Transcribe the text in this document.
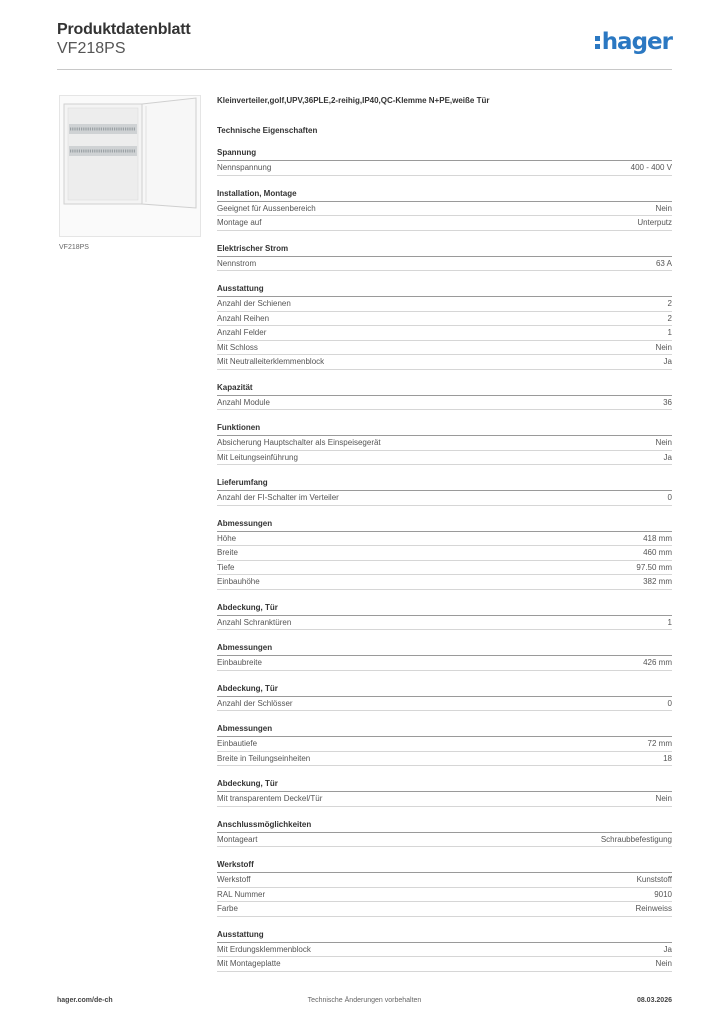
Produktdatenblatt
VF218PS	hager
VF218PS
Kleinverteiler,golf,UPV,36PLE,2-reihig,IP40,QC-Klemme N+PE,weiße Tür
Technische Eigenschaften
Spannung
Nennspannung	400 - 400 V
Installation, Montage
Geeignet für Aussenbereich	Nein
Montage auf	Unterputz
Elektrischer Strom
Nennstrom	63 A
Ausstattung
Anzahl der Schienen	2
Anzahl Reihen	2
Anzahl Felder	1
Mit Schloss	Nein
Mit Neutralleiterklemmenblock	Ja
Kapazität
Anzahl Module	36
Funktionen
Absicherung Hauptschalter als Einspeisegerät	Nein
Mit Leitungseinführung	Ja
Lieferumfang
Anzahl der FI-Schalter im Verteiler	0
Abmessungen
Höhe	418 mm
Breite	460 mm
Tiefe	97.50 mm
Einbauhöhe	382 mm
Abdeckung, Tür
Anzahl Schranktüren	1
Abmessungen
Einbaubreite	426 mm
Abdeckung, Tür
Anzahl der Schlösser	0
Abmessungen
Einbautiefe	72 mm
Breite in Teilungseinheiten	18
Abdeckung, Tür
Mit transparentem Deckel/Tür	Nein
Anschlussmöglichkeiten
Montageart	Schraubbefestigung
Werkstoff
Werkstoff	Kunststoff
RAL Nummer	9010
Farbe	Reinweiss
Ausstattung
Mit Erdungsklemmenblock	Ja
Mit Montageplatte	Nein
hager.com/de-ch	Technische Änderungen vorbehalten	08.03.2026
